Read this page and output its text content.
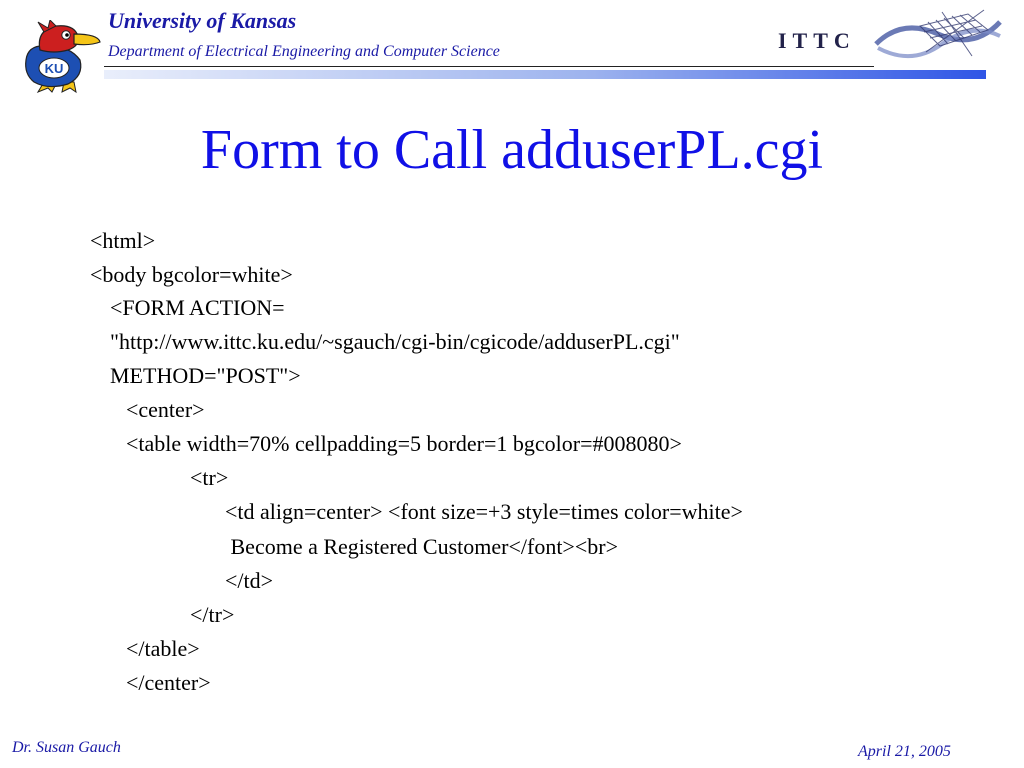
KU
University of Kansas
Department of Electrical Engineering and Computer Science	ITTC
Form to Call adduserPL.cgi
<html>
<body bgcolor=white>
<FORM ACTION=
"http://www.ittc.ku.edu/~sgauch/cgi-bin/cgicode/adduserPL.cgi"
METHOD="POST">
<center>
<table width=70% cellpadding=5 border=1 bgcolor=#008080>
<tr>
<td align=center> <font size=+3 style=times color=white>
Become a Registered Customer</font><br>
</td>
</tr>
</table>
</center>
Dr. Susan Gauch	April 21, 2005
